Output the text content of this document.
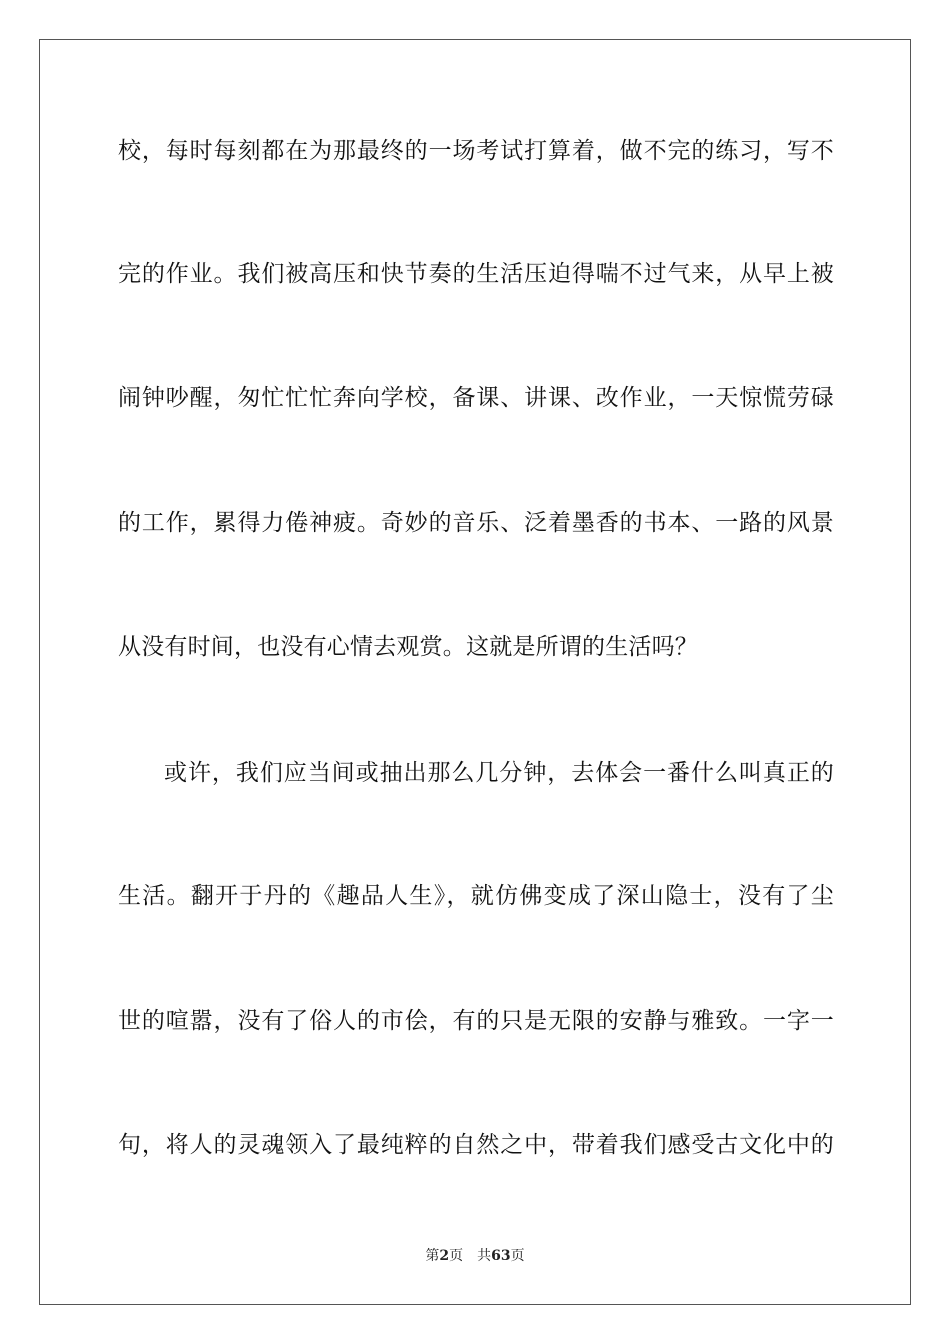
校，每时每刻都在为那最终的一场考试打算着，做不完的练习，写不
完的作业。我们被高压和快节奏的生活压迫得喘不过气来，从早上被
闹钟吵醒，匆忙忙忙奔向学校，备课、讲课、改作业，一天惊慌劳碌
的工作，累得力倦神疲。奇妙的音乐、泛着墨香的书本、一路的风景
从没有时间，也没有心情去观赏。这就是所谓的生活吗？
或许，我们应当间或抽出那么几分钟，去体会一番什么叫真正的
生活。翻开于丹的《趣品人生》，就仿佛变成了深山隐士，没有了尘
世的喧嚣，没有了俗人的市侩，有的只是无限的安静与雅致。一字一
句，将人的灵魂领入了最纯粹的自然之中，带着我们感受古文化中的
第2页 共63页
